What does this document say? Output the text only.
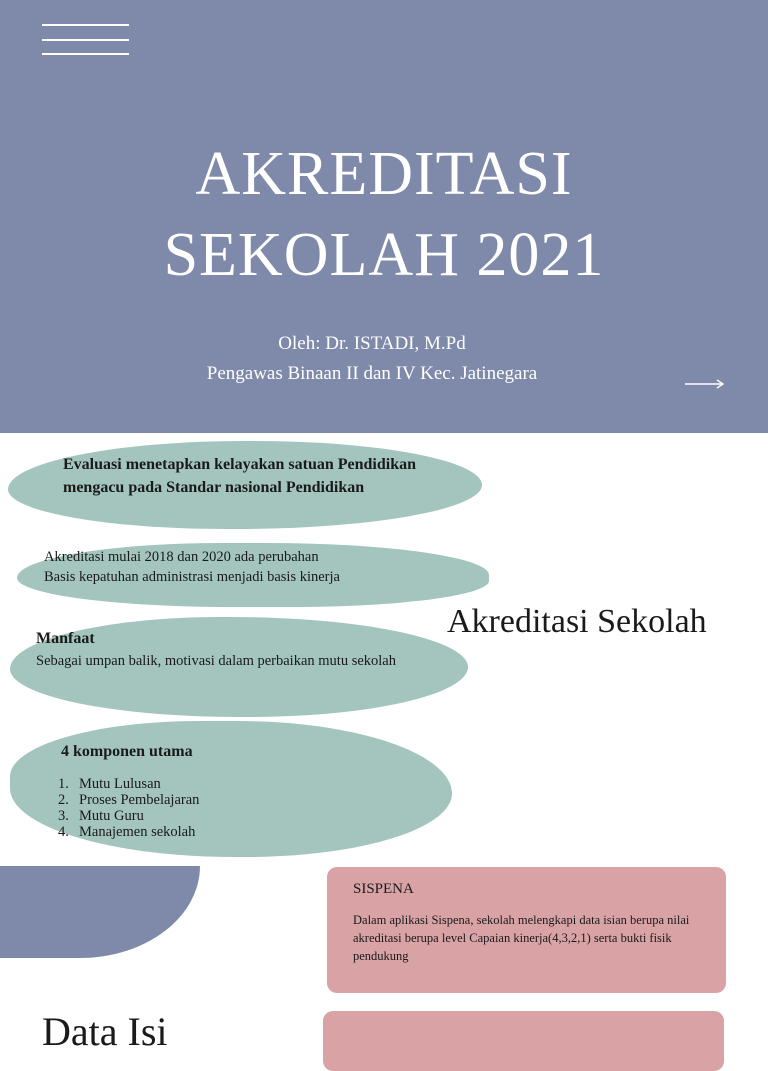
AKREDITASI
SEKOLAH 2021
Oleh: Dr. ISTADI, M.Pd
Pengawas Binaan II dan IV Kec. Jatinegara
Evaluasi menetapkan kelayakan satuan Pendidikan mengacu pada Standar nasional Pendidikan
Akreditasi mulai 2018 dan 2020 ada perubahan
Basis kepatuhan administrasi menjadi basis kinerja
Manfaat
Sebagai umpan balik, motivasi dalam perbaikan mutu sekolah
4 komponen utama
1. Mutu Lulusan
2. Proses Pembelajaran
3. Mutu Guru
4. Manajemen sekolah
Akreditasi Sekolah
SISPENA
Dalam aplikasi Sispena, sekolah melengkapi data isian berupa nilai akreditasi berupa level Capaian kinerja(4,3,2,1) serta bukti fisik pendukung
Data Isi
